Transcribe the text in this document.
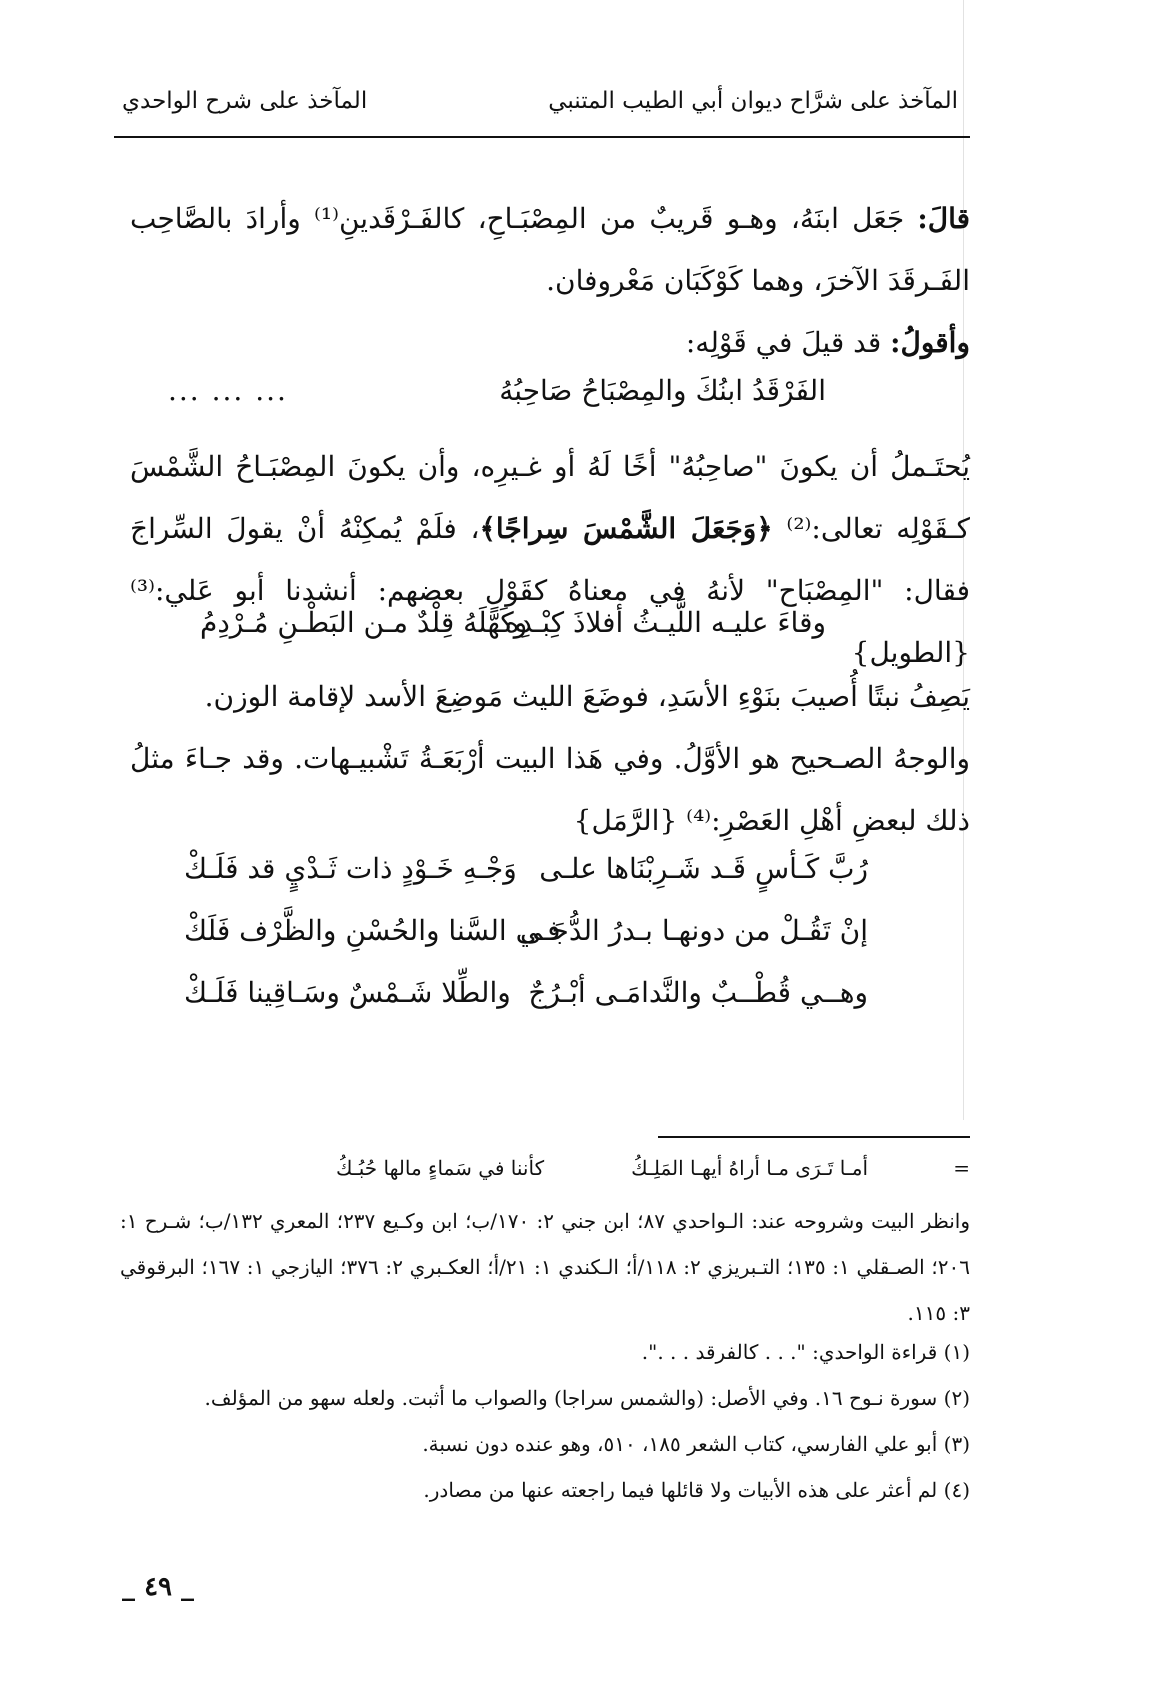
المآخذ على شرَّاح ديوان أبي الطيب المتنبي
المآخذ على شرح الواحدي

قالَ: جَعَل ابنَهُ، وهـو قَريبٌ من المِصْبَـاحِ، كالفَـرْقَدينِ⁽¹⁾ وأرادَ بالصَّاحِب الفَـرقَدَ الآخرَ، وهما كَوْكَبَان مَعْروفان.

وأقولُ: قد قيلَ في قَوْلِه:

الفَرْقَدُ ابنُكَ والمِصْبَاحُ صَاحِبُهُ
... ... ...

يُحتَـملُ أن يكونَ "صاحِبُهُ" أخًا لَهُ أو غـيرِه، وأن يكونَ المِصْبَـاحُ الشَّمْسَ كـقَوْلِه تعالى:⁽²⁾ ﴿وَجَعَلَ الشَّمْسَ سِراجًا﴾، فلَمْ يُمكِنْهُ أنْ يقولَ السِّراجَ فقال: "المِصْبَاح" لأنهُ في معناهُ كقَوْلِ بعضهم: أنشدنا أبو عَلي:⁽³⁾ {الطويل}

وقاءَ عليـه اللَّيـثُ أفلاذَ كِبْـدِه
وكَهَّلَهُ قِلْدٌ مـن البَطْـنِ مُـرْدِمُ

يَصِفُ نبتًا أُصيبَ بنَوْءِ الأسَدِ، فوضَعَ الليث مَوضِعَ الأسد لإقامة الوزن.

والوجهُ الصـحيح هو الأوَّلُ. وفي هَذا البيت أرْبَعَـةُ تَشْبيـهات. وقد جـاءَ مثلُ ذلك لبعضِ أهْلِ العَصْرِ:⁽⁴⁾ {الرَّمَل}

رُبَّ كَـأسٍ قَـد شَـرِبْنَاها علـى
وَجْـهِ خَـوْدٍ ذات ثَـدْيٍ قد فَلَـكْ
إنْ تَقُـلْ من دونهـا بـدرُ الدُّجَـى
فـي السَّنا والحُسْنِ والظَّرْف فَلَكْ
وهــي قُطْــبٌ والنَّدامَـى أبْـرُجٌ
والطِّلا شَـمْسٌ وسَـاقِينا فَلَـكْ
=
أمـا تَـرَى مـا أراهُ أيهـا المَلِـكُ
كأننا في سَماءٍ مالها حُبُـكُ
وانظر البيت وشروحه عند: الـواحدي ٨٧؛ ابن جني ٢: ١٧٠/ب؛ ابن وكـيع ٢٣٧؛ المعري ١٣٢/ب؛ شـرح ١: ٢٠٦؛ الصـقلي ١: ١٣٥؛ التـبريزي ٢: ١١٨/أ؛ الـكندي ١: ٢١/أ؛ العكـبري ٢: ٣٧٦؛ اليازجي ١: ١٦٧؛ البرقوقي ٣: ١١٥.
(١) قراءة الواحدي: ". . . كالفرقد . . .".
(٢) سورة نـوح ١٦. وفي الأصل: (والشمس سراجا) والصواب ما أثبت. ولعله سهو من المؤلف.
(٣) أبو علي الفارسي، كتاب الشعر ١٨٥، ٥١٠، وهو عنده دون نسبة.
(٤) لم أعثر على هذه الأبيات ولا قائلها فيما راجعته عنها من مصادر.
_ ٤٩ _
